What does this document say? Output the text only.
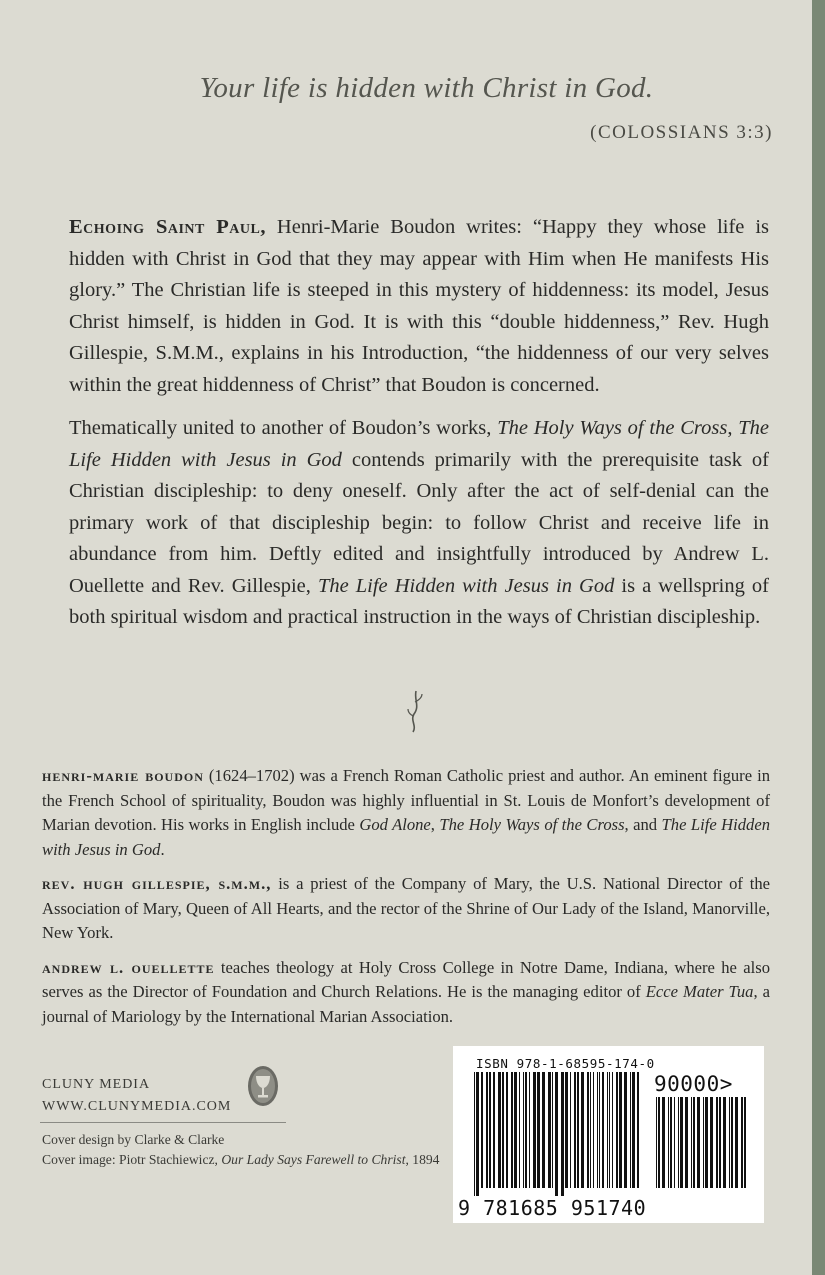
Your life is hidden with Christ in God.
(COLOSSIANS 3:3)

Echoing Saint Paul, Henri-Marie Boudon writes: “Happy they whose life is hidden with Christ in God that they may appear with Him when He manifests His glory.” The Christian life is steeped in this mystery of hiddenness: its model, Jesus Christ himself, is hidden in God. It is with this “double hiddenness,” Rev. Hugh Gillespie, S.M.M., explains in his Introduction, “the hiddenness of our very selves within the great hiddenness of Christ” that Boudon is concerned.

Thematically united to another of Boudon’s works, The Holy Ways of the Cross, The Life Hidden with Jesus in God contends primarily with the prerequisite task of Christian discipleship: to deny oneself. Only after the act of self-denial can the primary work of that discipleship begin: to follow Christ and receive life in abundance from him. Deftly edited and insightfully introduced by Andrew L. Ouellette and Rev. Gillespie, The Life Hidden with Jesus in God is a wellspring of both spiritual wisdom and practical instruction in the ways of Christian discipleship.

henri-marie boudon (1624–1702) was a French Roman Catholic priest and author. An eminent figure in the French School of spirituality, Boudon was highly influential in St. Louis de Monfort’s development of Marian devotion. His works in English include God Alone, The Holy Ways of the Cross, and The Life Hidden with Jesus in God.

rev. hugh gillespie, s.m.m., is a priest of the Company of Mary, the U.S. National Director of the Association of Mary, Queen of All Hearts, and the rector of the Shrine of Our Lady of the Island, Manorville, New York.

andrew l. ouellette teaches theology at Holy Cross College in Notre Dame, Indiana, where he also serves as the Director of Foundation and Church Relations. He is the managing editor of Ecce Mater Tua, a journal of Mariology by the International Marian Association.

CLUNY MEDIA
WWW.CLUNYMEDIA.COM
Cover design by Clarke & Clarke
Cover image: Piotr Stachiewicz, Our Lady Says Farewell to Christ, 1894
ISBN 978-1-68595-174-0
90000>
9 781685 951740
